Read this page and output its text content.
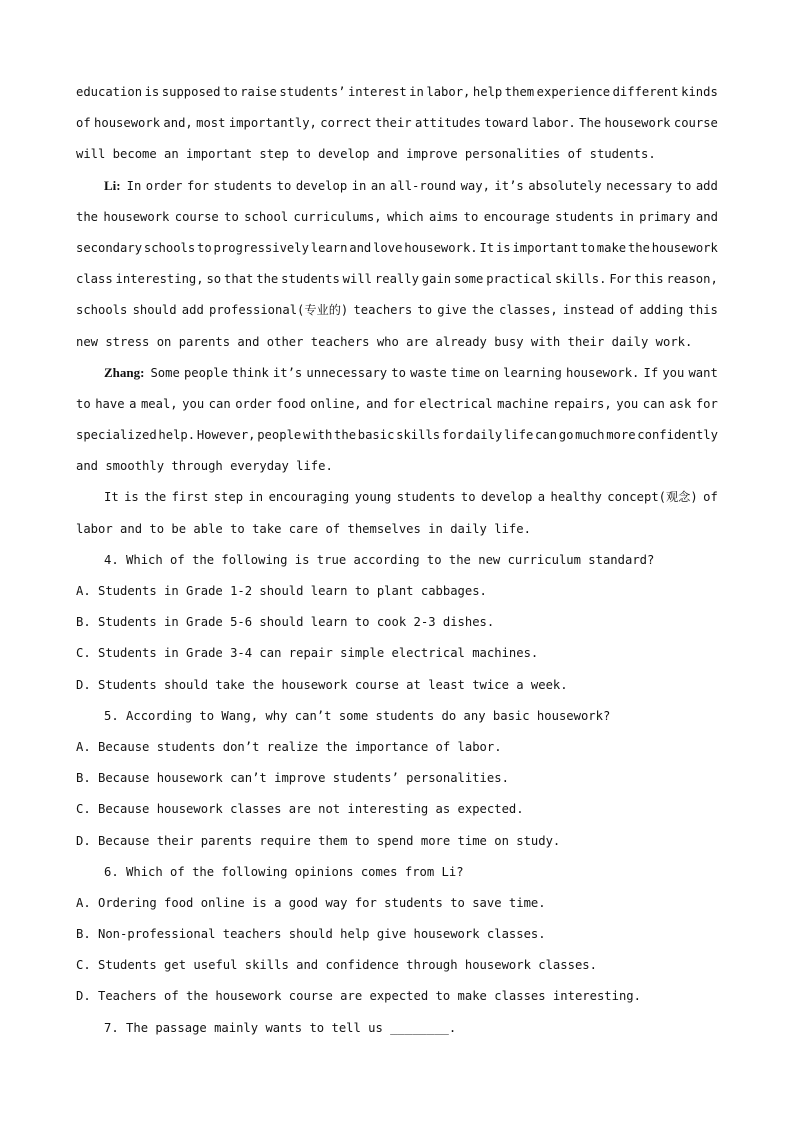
education is supposed to raise students’ interest in labor, help them experience different kinds
of housework and, most importantly, correct their attitudes toward labor. The housework course
will become an important step to develop and improve personalities of students.
Li: In order for students to develop in an all-round way, it’s absolutely necessary to add
the housework course to school curriculums, which aims to encourage students in primary and
secondary schools to progressively learn and love housework. It is important to make the housework
class interesting, so that the students will really gain some practical skills. For this reason,
schools should add professional(专业的) teachers to give the classes, instead of adding this
new stress on parents and other teachers who are already busy with their daily work.
Zhang: Some people think it’s unnecessary to waste time on learning housework. If you want
to have a meal, you can order food online, and for electrical machine repairs, you can ask for
specialized help. However, people with the basic skills for daily life can go much more confidently
and smoothly through everyday life.
It is the first step in encouraging young students to develop a healthy concept(观念) of
labor and to be able to take care of themselves in daily life.
4. Which of the following is true according to the new curriculum standard?
A. Students in Grade 1-2 should learn to plant cabbages.
B. Students in Grade 5-6 should learn to cook 2-3 dishes.
C. Students in Grade 3-4 can repair simple electrical machines.
D. Students should take the housework course at least twice a week.
5. According to Wang, why can’t some students do any basic housework?
A. Because students don’t realize the importance of labor.
B. Because housework can’t improve students’ personalities.
C. Because housework classes are not interesting as expected.
D. Because their parents require them to spend more time on study.
6. Which of the following opinions comes from Li?
A. Ordering food online is a good way for students to save time.
B. Non-professional teachers should help give housework classes.
C. Students get useful skills and confidence through housework classes.
D. Teachers of the housework course are expected to make classes interesting.
7. The passage mainly wants to tell us ________.
